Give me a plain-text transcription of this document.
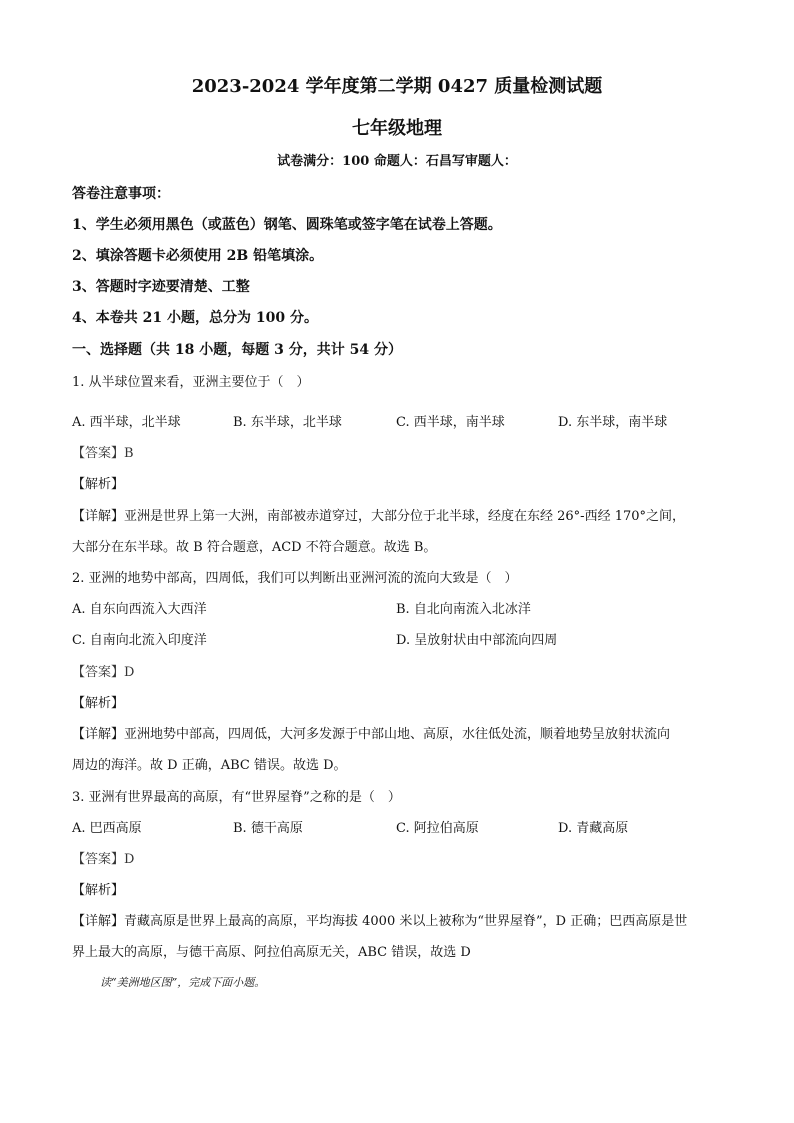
2023-2024 学年度第二学期 0427 质量检测试题
七年级地理
试卷满分：100 命题人：石昌写审题人：
答卷注意事项：
1、学生必须用黑色（或蓝色）钢笔、圆珠笔或签字笔在试卷上答题。
2、填涂答题卡必须使用 2B 铅笔填涂。
3、答题时字迹要清楚、工整
4、本卷共 21 小题，总分为 100 分。
一、选择题（共 18 小题，每题 3 分，共计 54 分）
1. 从半球位置来看，亚洲主要位于（　）
A. 西半球，北半球	B. 东半球，北半球	C. 西半球，南半球	D. 东半球，南半球
【答案】B
【解析】
【详解】亚洲是世界上第一大洲，南部被赤道穿过，大部分位于北半球，经度在东经 26°-西经 170°之间，
大部分在东半球。故 B 符合题意，ACD 不符合题意。故选 B。
2. 亚洲的地势中部高，四周低，我们可以判断出亚洲河流的流向大致是（　）
A. 自东向西流入大西洋	B. 自北向南流入北冰洋
C. 自南向北流入印度洋	D. 呈放射状由中部流向四周
【答案】D
【解析】
【详解】亚洲地势中部高，四周低，大河多发源于中部山地、高原，水往低处流，顺着地势呈放射状流向
周边的海洋。故 D 正确，ABC 错误。故选 D。
3. 亚洲有世界最高的高原，有“世界屋脊”之称的是（　）
A. 巴西高原	B. 德干高原	C. 阿拉伯高原	D. 青藏高原
【答案】D
【解析】
【详解】青藏高原是世界上最高的高原，平均海拔 4000 米以上被称为“世界屋脊”，D 正确；巴西高原是世
界上最大的高原，与德干高原、阿拉伯高原无关，ABC 错误，故选 D
读“美洲地区图”，完成下面小题。
